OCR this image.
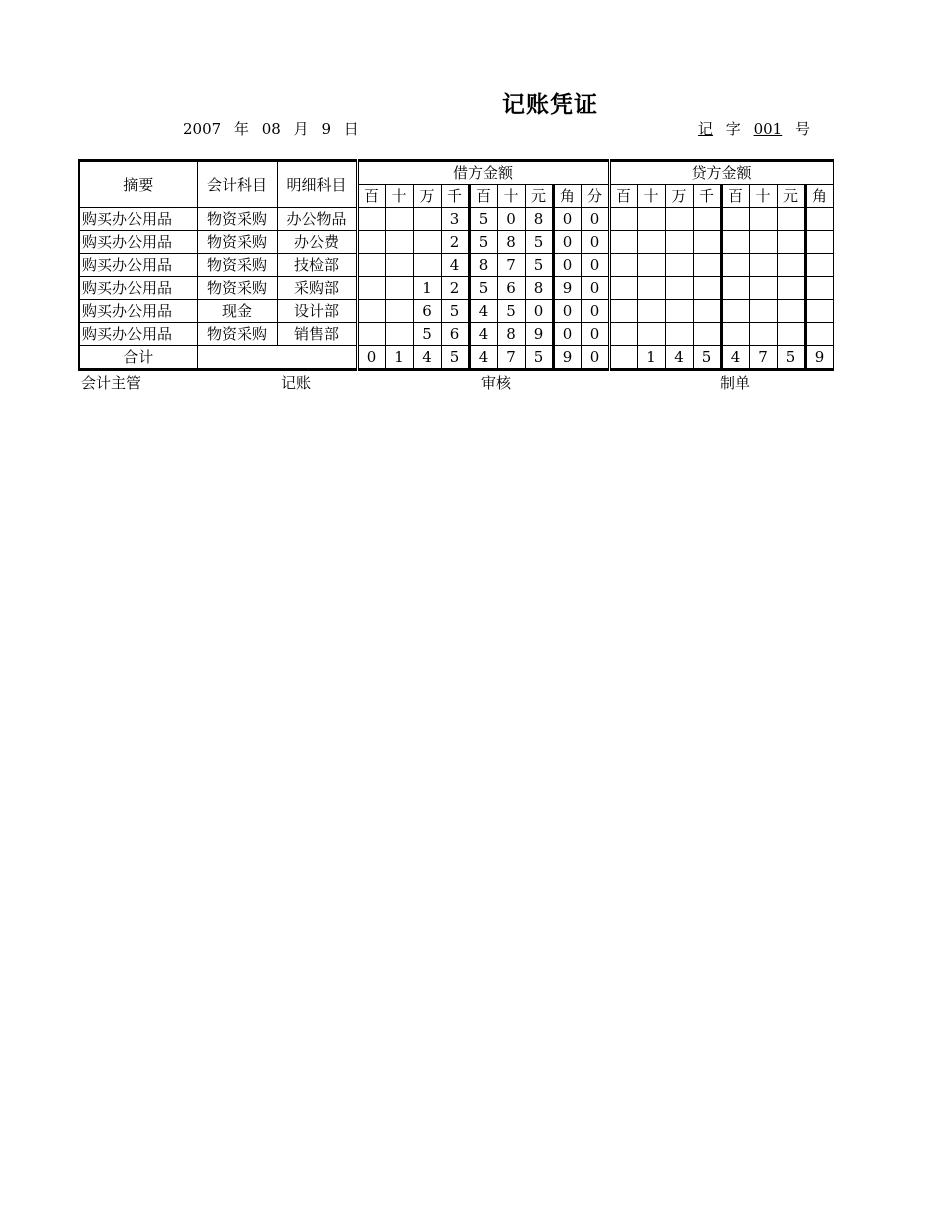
记账凭证
2007 年 08 月 9 日	记 字 001 号
摘要	会计科目	明细科目	借方金额									贷方金额							
			百	十	万	千	百	十	元	角	分	百	十	万	千	百	十	元	角
购买办公用品	物资采购	办公物品				3	5	0	8	0	0								
购买办公用品	物资采购	办公费				2	5	8	5	0	0								
购买办公用品	物资采购	技检部				4	8	7	5	0	0								
购买办公用品	物资采购	采购部			1	2	5	6	8	9	0								
购买办公用品	现金	设计部			6	5	4	5	0	0	0								
购买办公用品	物资采购	销售部			5	6	4	8	9	0	0								
合计			0	1	4	5	4	7	5	9	0		1	4	5	4	7	5	9
会计主管	记账	审核	制单
